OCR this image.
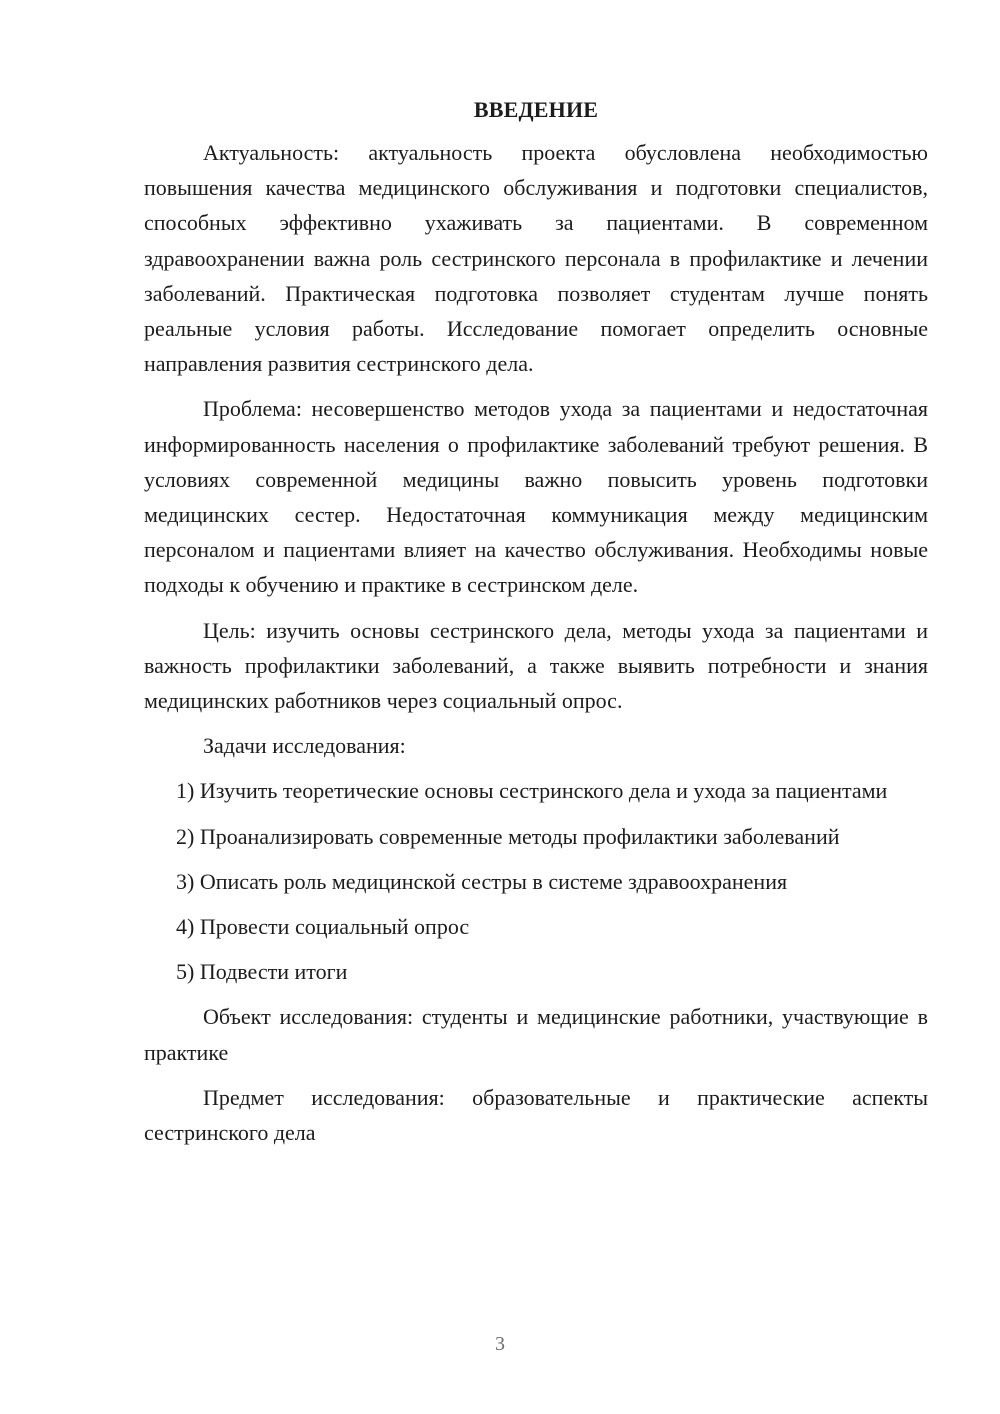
ВВЕДЕНИЕ

Актуальность: актуальность проекта обусловлена необходимостью повышения качества медицинского обслуживания и подготовки специалистов, способных эффективно ухаживать за пациентами. В современном здравоохранении важна роль сестринского персонала в профилактике и лечении заболеваний. Практическая подготовка позволяет студентам лучше понять реальные условия работы. Исследование помогает определить основные направления развития сестринского дела.

Проблема: несовершенство методов ухода за пациентами и недостаточная информированность населения о профилактике заболеваний требуют решения. В условиях современной медицины важно повысить уровень подготовки медицинских сестер. Недостаточная коммуникация между медицинским персоналом и пациентами влияет на качество обслуживания. Необходимы новые подходы к обучению и практике в сестринском деле.

Цель: изучить основы сестринского дела, методы ухода за пациентами и важность профилактики заболеваний, а также выявить потребности и знания медицинских работников через социальный опрос.

Задачи исследования:

1) Изучить теоретические основы сестринского дела и ухода за пациентами

2) Проанализировать современные методы профилактики заболеваний

3) Описать роль медицинской сестры в системе здравоохранения

4) Провести социальный опрос

5) Подвести итоги

Объект исследования: студенты и медицинские работники, участвующие в практике

Предмет исследования: образовательные и практические аспекты сестринского дела

3
